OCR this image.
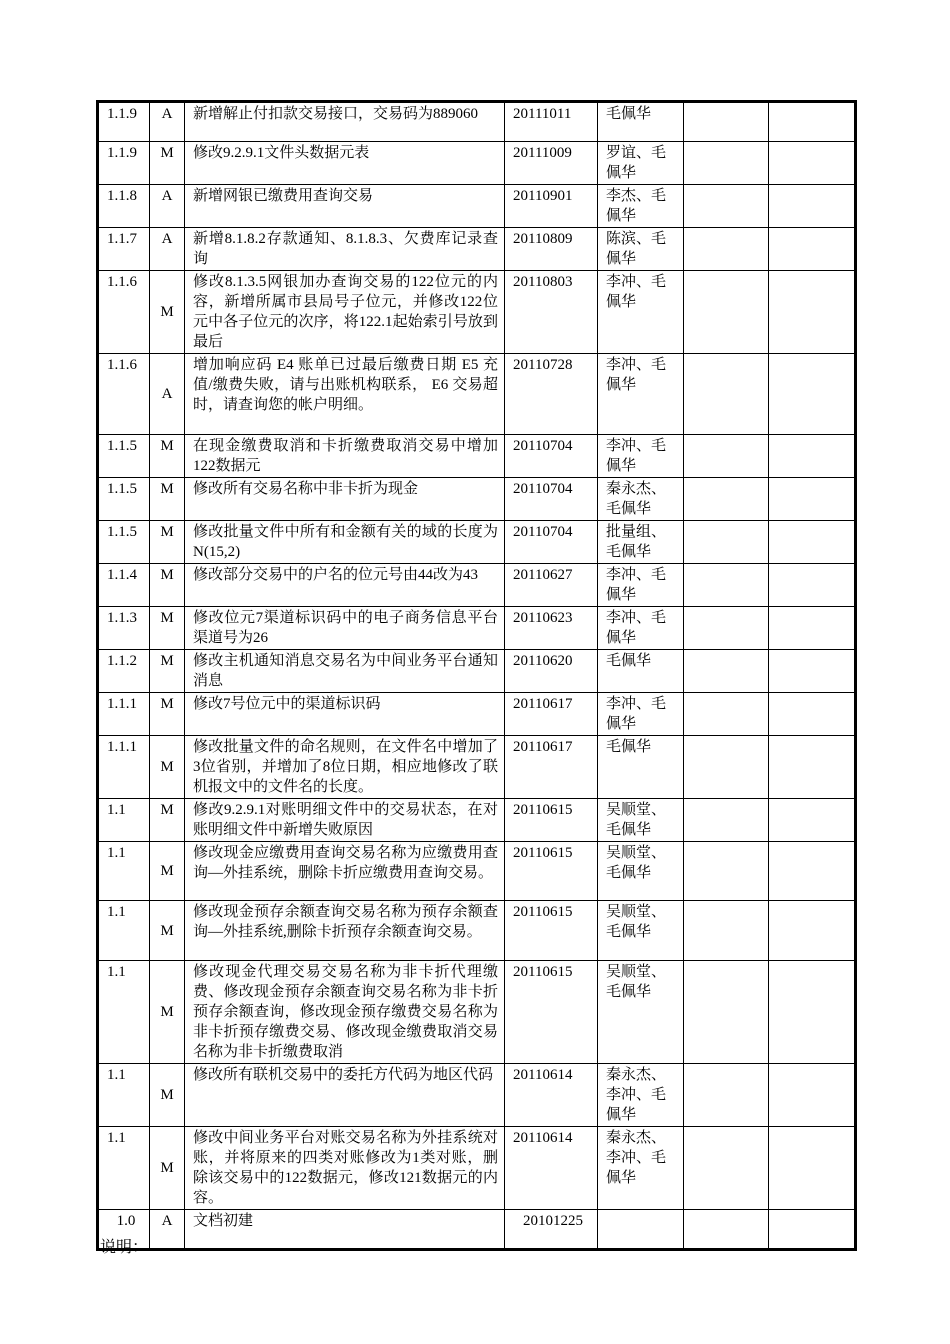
1.1.9	A	新增解止付扣款交易接口，交易码为889060	20111011	毛佩华		
1.1.9	M	修改9.2.9.1文件头数据元表	20111009	罗谊、毛佩华		
1.1.8	A	新增网银已缴费用查询交易	20110901	李杰、毛佩华		
1.1.7	A	新增8.1.8.2存款通知、8.1.8.3、欠费库记录查询	20110809	陈滨、毛佩华		
1.1.6	M	修改8.1.3.5网银加办查询交易的122位元的内容，新增所属市县局号子位元，并修改122位元中各子位元的次序，将122.1起始索引号放到最后	20110803	李冲、毛佩华		
1.1.6	A	增加响应码 E4 账单已过最后缴费日期 E5 充值/缴费失败，请与出账机构联系， E6 交易超时，请查询您的帐户明细。	20110728	李冲、毛佩华		
1.1.5	M	在现金缴费取消和卡折缴费取消交易中增加122数据元	20110704	李冲、毛佩华		
1.1.5	M	修改所有交易名称中非卡折为现金	20110704	秦永杰、毛佩华		
1.1.5	M	修改批量文件中所有和金额有关的域的长度为N(15,2)	20110704	批量组、毛佩华		
1.1.4	M	修改部分交易中的户名的位元号由44改为43	20110627	李冲、毛佩华		
1.1.3	M	修改位元7渠道标识码中的电子商务信息平台渠道号为26	20110623	李冲、毛佩华		
1.1.2	M	修改主机通知消息交易名为中间业务平台通知消息	20110620	毛佩华		
1.1.1	M	修改7号位元中的渠道标识码	20110617	李冲、毛佩华		
1.1.1	M	修改批量文件的命名规则，在文件名中增加了3位省别，并增加了8位日期，相应地修改了联机报文中的文件名的长度。	20110617	毛佩华		
1.1	M	修改9.2.9.1对账明细文件中的交易状态，在对账明细文件中新增失败原因	20110615	吴顺堂、毛佩华		
1.1	M	修改现金应缴费用查询交易名称为应缴费用查询—外挂系统，删除卡折应缴费用查询交易。	20110615	吴顺堂、毛佩华		
1.1	M	修改现金预存余额查询交易名称为预存余额查询—外挂系统,删除卡折预存余额查询交易。	20110615	吴顺堂、毛佩华		
1.1	M	修改现金代理交易交易名称为非卡折代理缴费、修改现金预存余额查询交易名称为非卡折预存余额查询，修改现金预存缴费交易名称为非卡折预存缴费交易、修改现金缴费取消交易名称为非卡折缴费取消	20110615	吴顺堂、毛佩华		
1.1	M	修改所有联机交易中的委托方代码为地区代码	20110614	秦永杰、李冲、毛佩华		
1.1	M	修改中间业务平台对账交易名称为外挂系统对账，并将原来的四类对账修改为1类对账，删除该交易中的122数据元，修改121数据元的内容。	20110614	秦永杰、李冲、毛佩华		
1.0	A	文档初建	20101225			
说明：
